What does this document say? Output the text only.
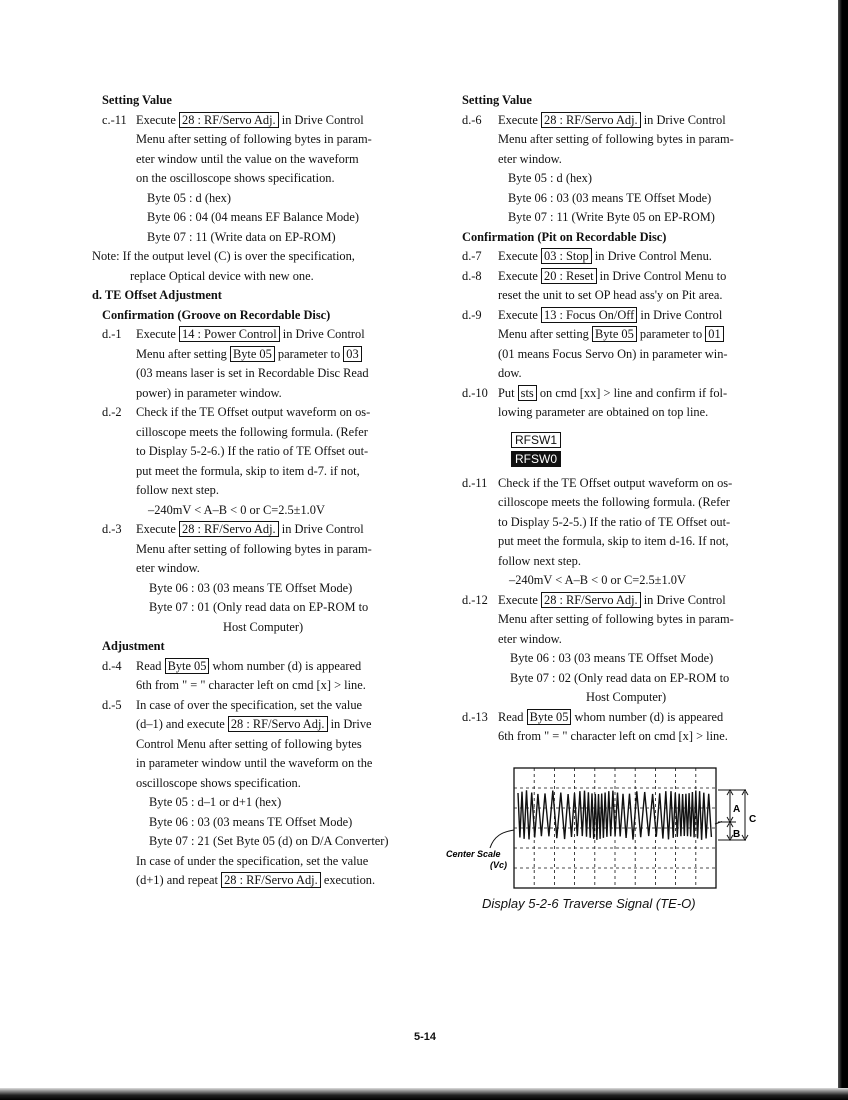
Setting Value
c.-11 Execute 28 : RF/Servo Adj. in Drive Control
Menu after setting of following bytes in param-
eter window until the value on the waveform
on the oscilloscope shows specification.
Byte 05 : d (hex)
Byte 06 : 04 (04 means EF Balance Mode)
Byte 07 : 11 (Write data on EP-ROM)
Note: If the output level (C) is over the specification,
replace Optical device with new one.
d. TE Offset Adjustment
Confirmation (Groove on Recordable Disc)
d.-1 Execute 14 : Power Control in Drive Control
Menu after setting Byte 05 parameter to 03
(03 means laser is set in Recordable Disc Read
power) in parameter window.
d.-2 Check if the TE Offset output waveform on os-
cilloscope meets the following formula. (Refer
to Display 5-2-6.) If the ratio of TE Offset out-
put meet the formula, skip to item d-7. if not,
follow next step.
–240mV < A–B < 0 or C=2.5±1.0V
d.-3 Execute 28 : RF/Servo Adj. in Drive Control
Menu after setting of following bytes in param-
eter window.
Byte 06 : 03 (03 means TE Offset Mode)
Byte 07 : 01 (Only read data on EP-ROM to
Host Computer)
Adjustment
d.-4 Read Byte 05 whom number (d) is appeared
6th from " = " character left on cmd [x] > line.
d.-5 In case of over the specification, set the value
(d–1) and execute 28 : RF/Servo Adj. in Drive
Control Menu after setting of following bytes
in parameter window until the waveform on the
oscilloscope shows specification.
Byte 05 : d–1 or d+1 (hex)
Byte 06 : 03 (03 means TE Offset Mode)
Byte 07 : 21 (Set Byte 05 (d) on D/A Converter)
In case of under the specification, set the value
(d+1) and repeat 28 : RF/Servo Adj. execution.
Setting Value
d.-6 Execute 28 : RF/Servo Adj. in Drive Control
Menu after setting of following bytes in param-
eter window.
Byte 05 : d (hex)
Byte 06 : 03 (03 means TE Offset Mode)
Byte 07 : 11 (Write Byte 05 on EP-ROM)
Confirmation (Pit on Recordable Disc)
d.-7 Execute 03 : Stop in Drive Control Menu.
d.-8 Execute 20 : Reset in Drive Control Menu to
reset the unit to set OP head ass'y on Pit area.
d.-9 Execute 13 : Focus On/Off in Drive Control
Menu after setting Byte 05 parameter to 01
(01 means Focus Servo On) in parameter win-
dow.
d.-10 Put sts on cmd [xx] > line and confirm if fol-
lowing parameter are obtained on top line.
RFSW1
RFSW0
d.-11 Check if the TE Offset output waveform on os-
cilloscope meets the following formula. (Refer
to Display 5-2-5.) If the ratio of TE Offset out-
put meet the formula, skip to item d-16. If not,
follow next step.
–240mV < A–B < 0 or C=2.5±1.0V
d.-12 Execute 28 : RF/Servo Adj. in Drive Control
Menu after setting of following bytes in param-
eter window.
Byte 06 : 03 (03 means TE Offset Mode)
Byte 07 : 02 (Only read data on EP-ROM to
Host Computer)
d.-13 Read Byte 05 whom number (d) is appeared
6th from " = " character left on cmd [x] > line.
A
B
C
Center Scale
(Vc)
Display 5-2-6 Traverse Signal (TE-O)
5-14
